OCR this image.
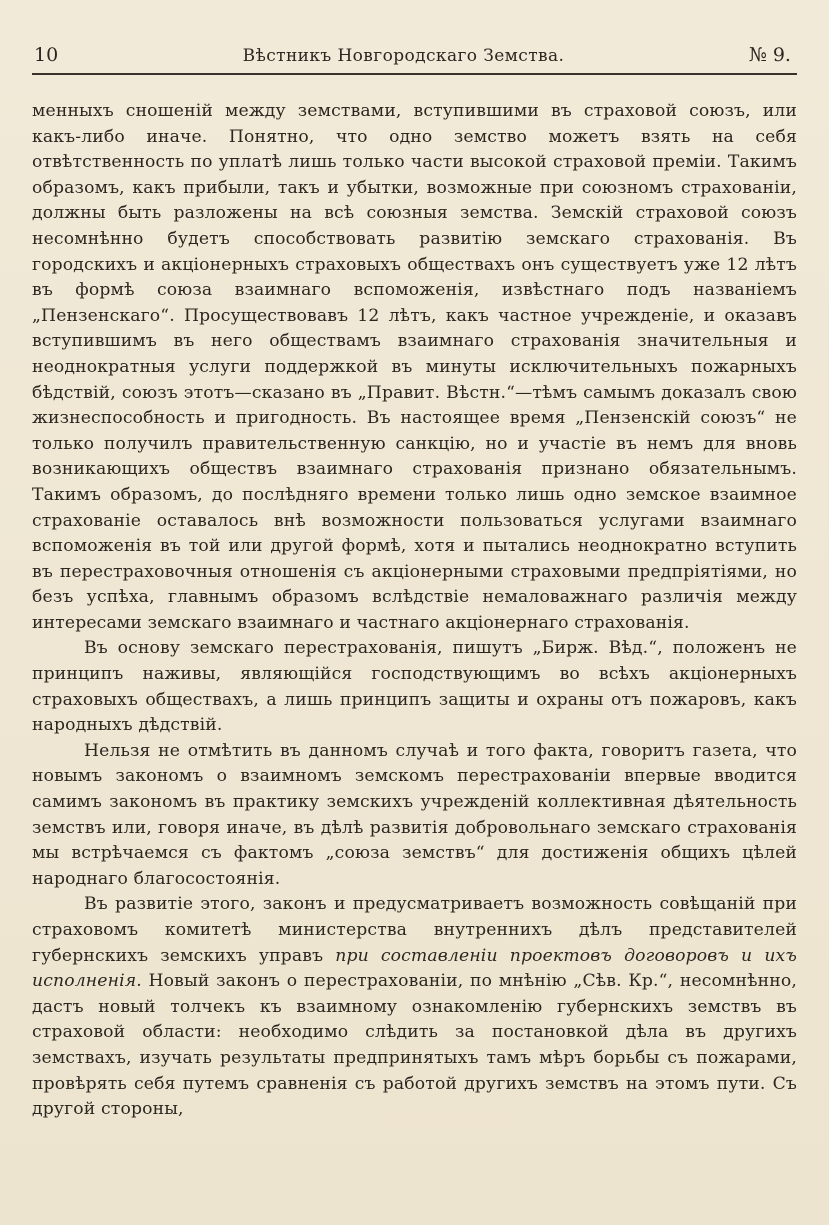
10	Вѣстникъ Новгородскаго Земства.	№ 9.

менныхъ сношеній между земствами, вступившими въ страховой союзъ, или какъ-либо иначе. Понятно, что одно земство можетъ взять на себя отвѣтственность по уплатѣ лишь только части высокой страховой преміи. Такимъ образомъ, какъ прибыли, такъ и убытки, возможные при союзномъ страхованіи, должны быть разложены на всѣ союзныя земства. Земскій страховой союзъ несомнѣнно будетъ способствовать развитію земскаго страхованія. Въ городскихъ и акціонерныхъ страховыхъ обществахъ онъ существуетъ уже 12 лѣтъ въ формѣ союза взаимнаго вспоможенія, извѣстнаго подъ названіемъ „Пензенскаго“. Просуществовавъ 12 лѣтъ, какъ частное учрежденіе, и оказавъ вступившимъ въ него обществамъ взаимнаго страхованія значительныя и неоднократныя услуги поддержкой въ минуты исключительныхъ пожарныхъ бѣдствій, союзъ этотъ—сказано въ „Правит. Вѣстн.“—тѣмъ самымъ доказалъ свою жизнеспособность и пригодность. Въ настоящее время „Пензенскій союзъ“ не только получилъ правительственную санкцію, но и участіе въ немъ для вновь возникающихъ обществъ взаимнаго страхованія признано обязательнымъ. Такимъ образомъ, до послѣдняго времени только лишь одно земское взаимное страхованіе оставалось внѣ возможности пользоваться услугами взаимнаго вспоможенія въ той или другой формѣ, хотя и пытались неоднократно вступить въ перестраховочныя отношенія съ акціонерными страховыми предпріятіями, но безъ успѣха, главнымъ образомъ вслѣдствіе немаловажнаго различія между интересами земскаго взаимнаго и частнаго акціонернаго страхованія.

Въ основу земскаго перестрахованія, пишутъ „Бирж. Вѣд.“, положенъ не принципъ наживы, являющійся господствующимъ во всѣхъ акціонерныхъ страховыхъ обществахъ, а лишь принципъ защиты и охраны отъ пожаровъ, какъ народныхъ дѣдствій.

Нельзя не отмѣтить въ данномъ случаѣ и того факта, говоритъ газета, что новымъ закономъ о взаимномъ земскомъ перестрахованіи впервые вводится самимъ закономъ въ практику земскихъ учрежденій коллективная дѣятельность земствъ или, говоря иначе, въ дѣлѣ развитія добровольнаго земскаго страхованія мы встрѣчаемся съ фактомъ „союза земствъ“ для достиженія общихъ цѣлей народнаго благосостоянія.

Въ развитіе этого, законъ и предусматриваетъ возможность совѣщаній при страховомъ комитетѣ министерства внутреннихъ дѣлъ представителей губернскихъ земскихъ управъ при составленіи проектовъ договоровъ и ихъ исполненія. Новый законъ о перестрахованіи, по мнѣнію „Сѣв. Кр.“, несомнѣнно, дастъ новый толчекъ къ взаимному ознакомленію губернскихъ земствъ въ страховой области: необходимо слѣдить за постановкой дѣла въ другихъ земствахъ, изучать результаты предпринятыхъ тамъ мѣръ борьбы съ пожарами, провѣрять себя путемъ сравненія съ работой другихъ земствъ на этомъ пути. Съ другой стороны,
